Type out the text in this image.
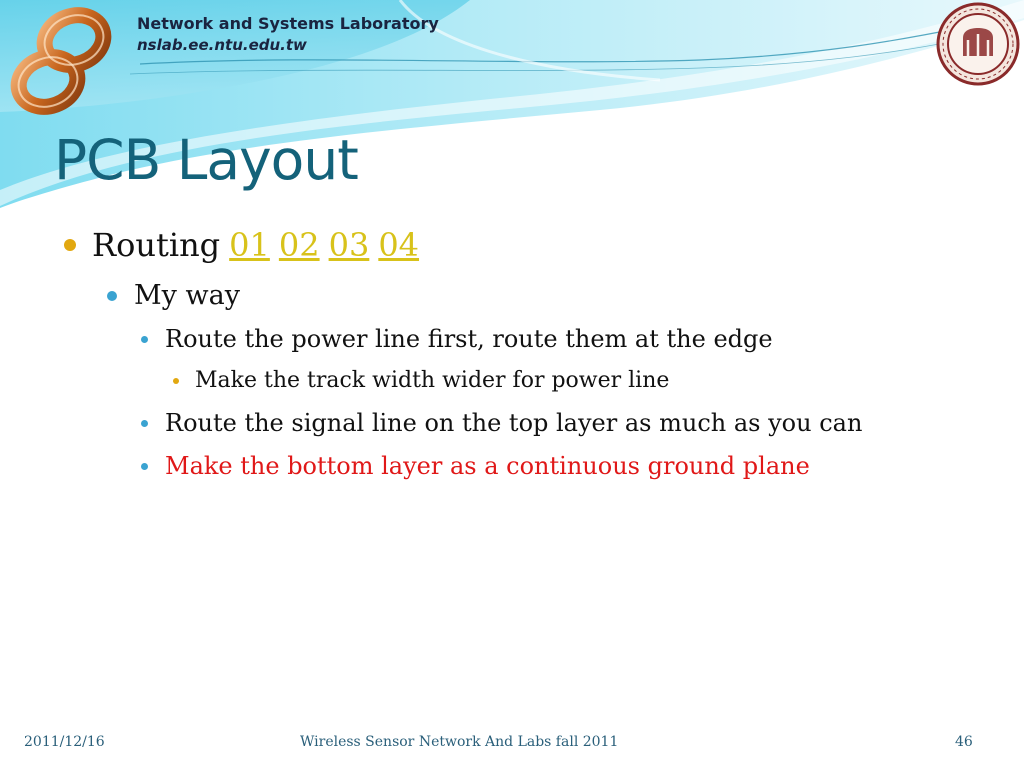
Network and Systems Laboratory
nslab.ee.ntu.edu.tw
PCB Layout
Routing 01 02 03 04
My way
Route the power line first, route them at the edge
Make the track width wider for power line
Route the signal line on the top layer as much as you can
Make the bottom layer as a continuous ground plane
2011/12/16	Wireless Sensor Network And Labs fall 2011	46
